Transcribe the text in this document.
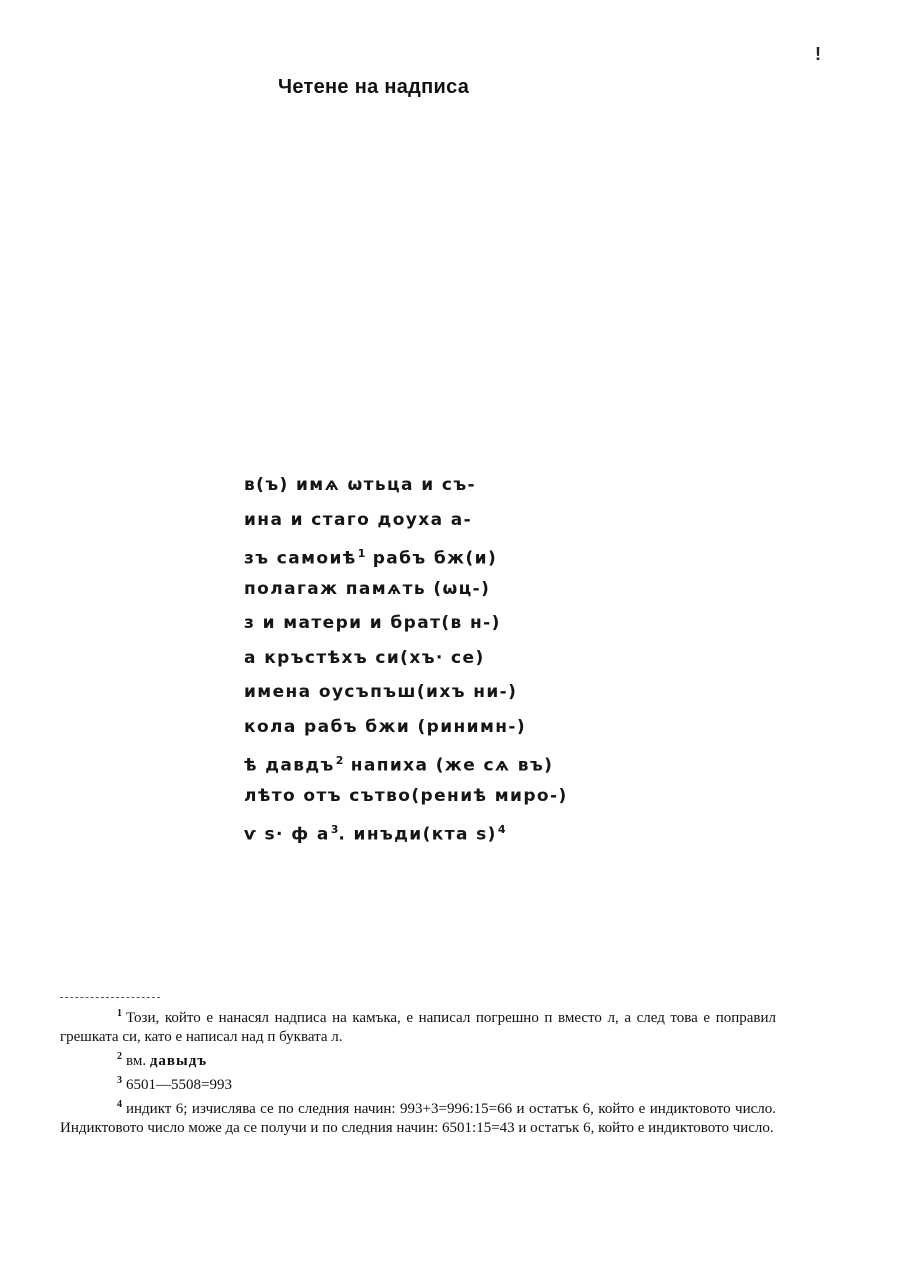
!
Четене на надписа
в(ъ) имѧ ѡтьца и съ-
ина и стаго доуха а-
зъ самоиѣ$^1$ рабъ бж(и)
полагаж памѧть (ѡц-)
з и матери и брат(в н-)
а кръстѣхъ си(хъ· се)
имена оусъпъш(ихъ ни-)
кола рабъ бжи (ринимн-)
ѣ давдъ$^2$ напиха (же сѧ въ)
лѣто отъ сътво(рениѣ миро-)
ѵ ѕ· ф $а^3$. инъди(кта ѕ)$^4$

$^1$ Този, който е нанасял надписа на камъка, е написал погрешно п вместо л, а след това е поправил грешката си, като е написал над п буквата л.

$^2$ вм. давыдъ

$^3$ 6501—5508=993

$^4$ индикт 6; изчислява се по следния начин: 993+3=996:15=66 и остатък 6, който е индиктовото число. Индиктовото число може да се получи и по следния начин: 6501:15=43 и остатък 6, който е индиктовото число.
